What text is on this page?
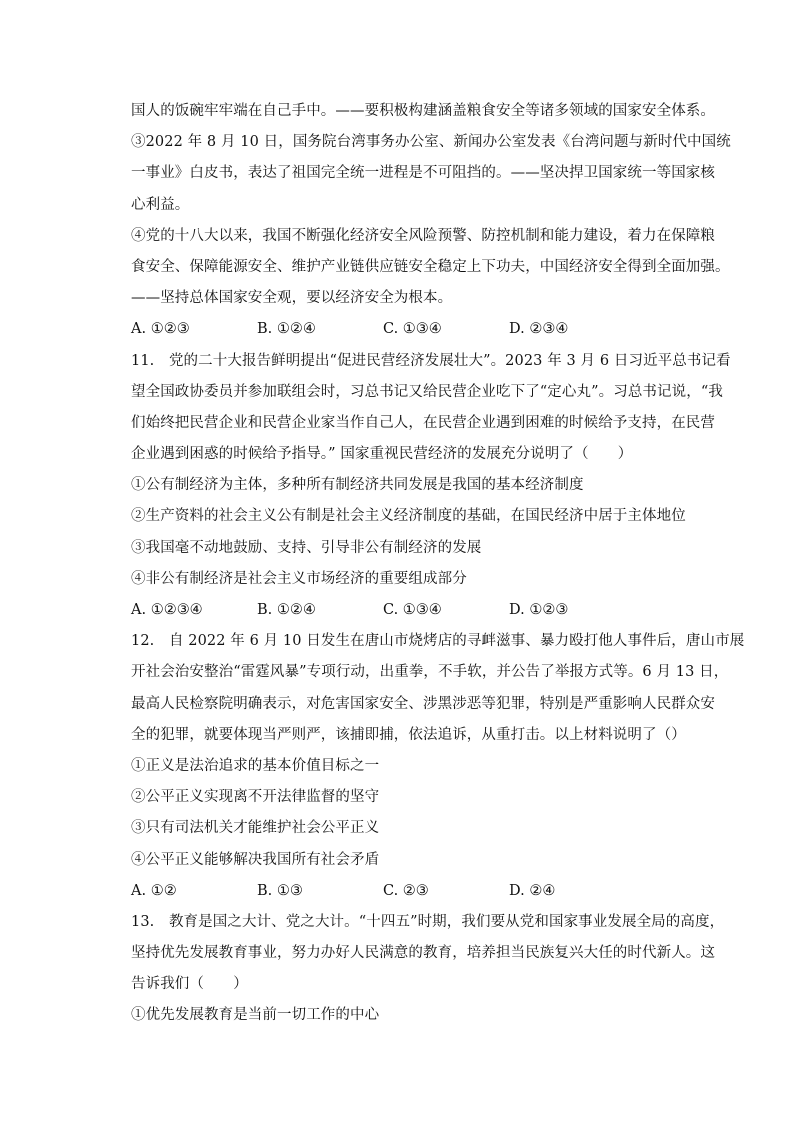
国人的饭碗牢牢端在自己手中。——要积极构建涵盖粮食安全等诸多领域的国家安全体系。
③2022 年 8 月 10 日，国务院台湾事务办公室、新闻办公室发表《台湾问题与新时代中国统
一事业》白皮书，表达了祖国完全统一进程是不可阻挡的。——坚决捍卫国家统一等国家核
心利益。
④党的十八大以来，我国不断强化经济安全风险预警、防控机制和能力建设，着力在保障粮
食安全、保障能源安全、维护产业链供应链安全稳定上下功夫，中国经济安全得到全面加强。
——坚持总体国家安全观，要以经济安全为根本。
A. ①②③	B. ①②④	C. ①③④	D. ②③④
11.　党的二十大报告鲜明提出“促进民营经济发展壮大”。2023 年 3 月 6 日习近平总书记看
望全国政协委员并参加联组会时，习总书记又给民营企业吃下了“定心丸”。习总书记说，“我
们始终把民营企业和民营企业家当作自己人，在民营企业遇到困难的时候给予支持，在民营
企业遇到困惑的时候给予指导。” 国家重视民营经济的发展充分说明了（　　）
①公有制经济为主体，多种所有制经济共同发展是我国的基本经济制度
②生产资料的社会主义公有制是社会主义经济制度的基础，在国民经济中居于主体地位
③我国毫不动地鼓励、支持、引导非公有制经济的发展
④非公有制经济是社会主义市场经济的重要组成部分
A. ①②③④	B. ①②④	C. ①③④	D. ①②③
12.　自 2022 年 6 月 10 日发生在唐山市烧烤店的寻衅滋事、暴力殴打他人事件后，唐山市展
开社会治安整治“雷霆风暴”专项行动，出重拳，不手软，并公告了举报方式等。6 月 13 日，
最高人民检察院明确表示，对危害国家安全、涉黑涉恶等犯罪，特别是严重影响人民群众安
全的犯罪，就要体现当严则严，该捕即捕，依法追诉，从重打击。以上材料说明了（）
①正义是法治追求的基本价值目标之一
②公平正义实现离不开法律监督的坚守
③只有司法机关才能维护社会公平正义
④公平正义能够解决我国所有社会矛盾
A. ①②	B. ①③	C. ②③	D. ②④
13.　教育是国之大计、党之大计。“十四五”时期，我们要从党和国家事业发展全局的高度，
坚持优先发展教育事业，努力办好人民满意的教育，培养担当民族复兴大任的时代新人。这
告诉我们（　　）
①优先发展教育是当前一切工作的中心
